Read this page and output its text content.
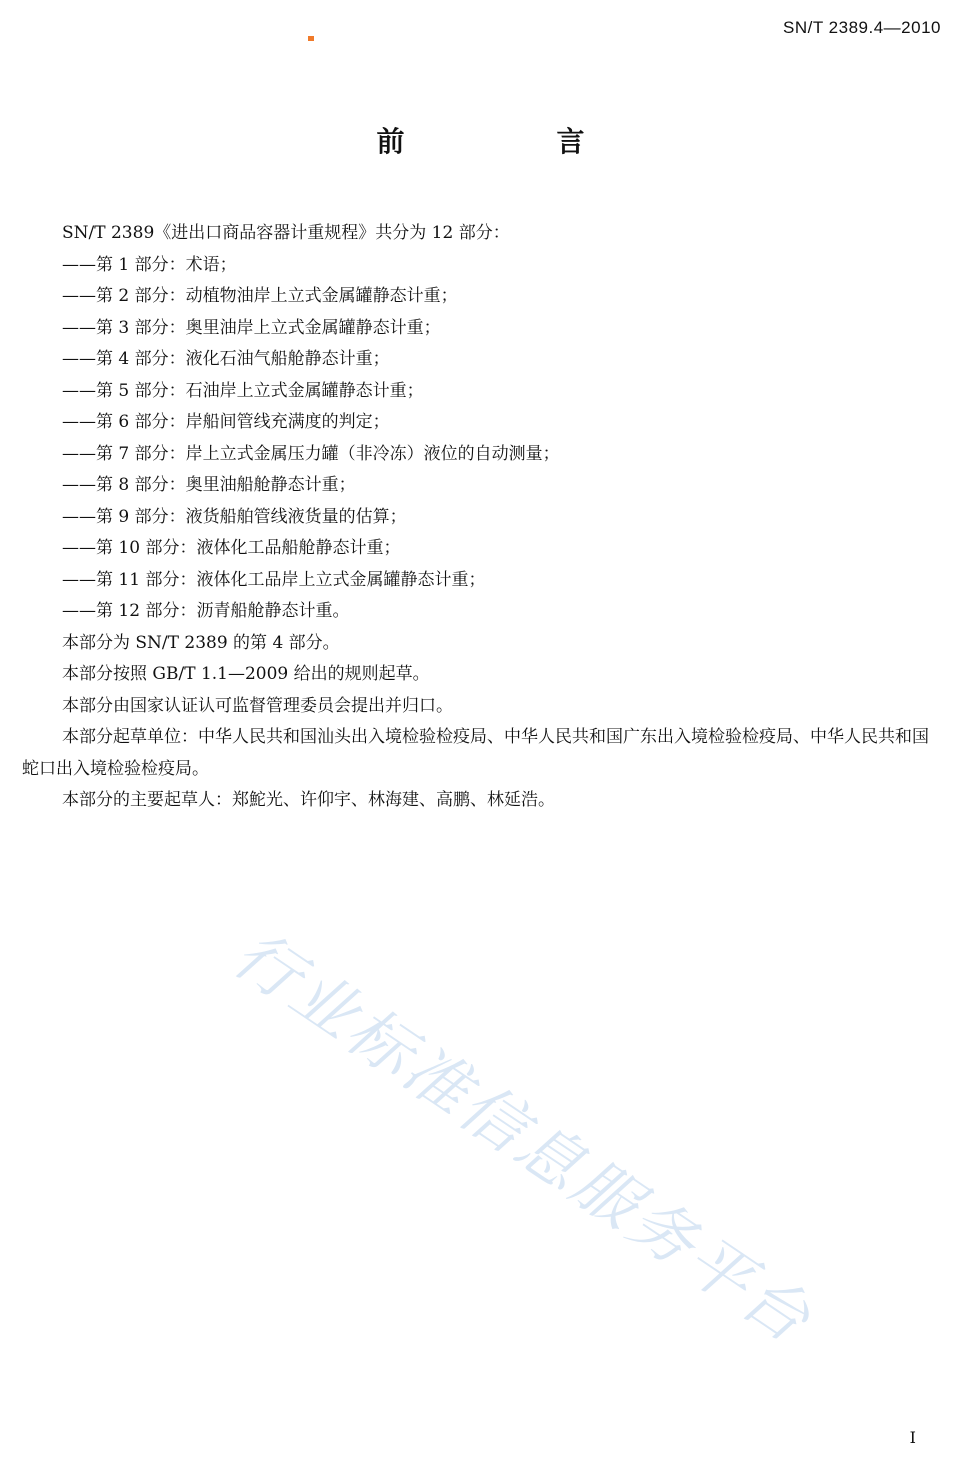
SN/T 2389.4—2010
前　言
SN/T 2389《进出口商品容器计重规程》共分为 12 部分：
——第 1 部分：术语；
——第 2 部分：动植物油岸上立式金属罐静态计重；
——第 3 部分：奥里油岸上立式金属罐静态计重；
——第 4 部分：液化石油气船舱静态计重；
——第 5 部分：石油岸上立式金属罐静态计重；
——第 6 部分：岸船间管线充满度的判定；
——第 7 部分：岸上立式金属压力罐（非冷冻）液位的自动测量；
——第 8 部分：奥里油船舱静态计重；
——第 9 部分：液货船舶管线液货量的估算；
——第 10 部分：液体化工品船舱静态计重；
——第 11 部分：液体化工品岸上立式金属罐静态计重；
——第 12 部分：沥青船舱静态计重。
本部分为 SN/T 2389 的第 4 部分。
本部分按照 GB/T 1.1—2009 给出的规则起草。
本部分由国家认证认可监督管理委员会提出并归口。
本部分起草单位：中华人民共和国汕头出入境检验检疫局、中华人民共和国广东出入境检验检疫局、中华人民共和国蛇口出入境检验检疫局。
本部分的主要起草人：郑鮀光、许仰宇、林海建、高鹏、林延浩。
行业标准信息服务平台
I
